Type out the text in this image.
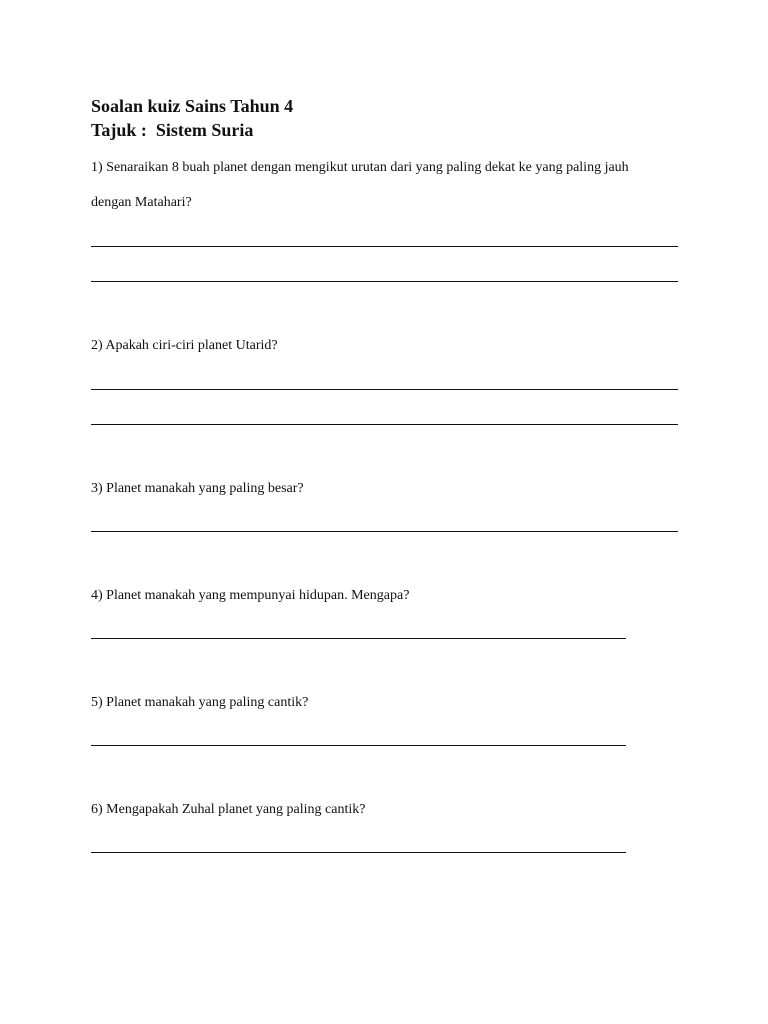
Soalan kuiz Sains Tahun 4
Tajuk :  Sistem Suria
1) Senaraikan 8 buah planet dengan mengikut urutan dari yang paling dekat ke yang paling jauh
dengan Matahari?
2) Apakah ciri-ciri planet Utarid?
3) Planet manakah yang paling besar?
4) Planet manakah yang mempunyai hidupan. Mengapa?
5) Planet manakah yang paling cantik?
6) Mengapakah Zuhal planet yang paling cantik?
